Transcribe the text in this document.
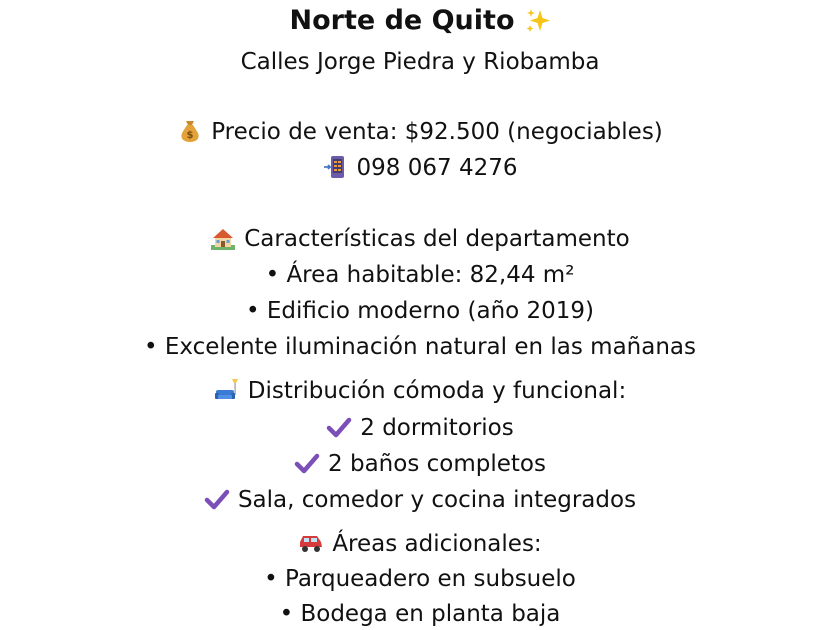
Norte de Quito
Calles Jorge Piedra y Riobamba
$ Precio de venta: $92.500 (negociables)
098 067 4276
Características del departamento
• Área habitable: 82,44 m²
• Edificio moderno (año 2019)
• Excelente iluminación natural en las mañanas
Distribución cómoda y funcional:
2 dormitorios
2 baños completos
Sala, comedor y cocina integrados
Áreas adicionales:
• Parqueadero en subsuelo
• Bodega en planta baja
